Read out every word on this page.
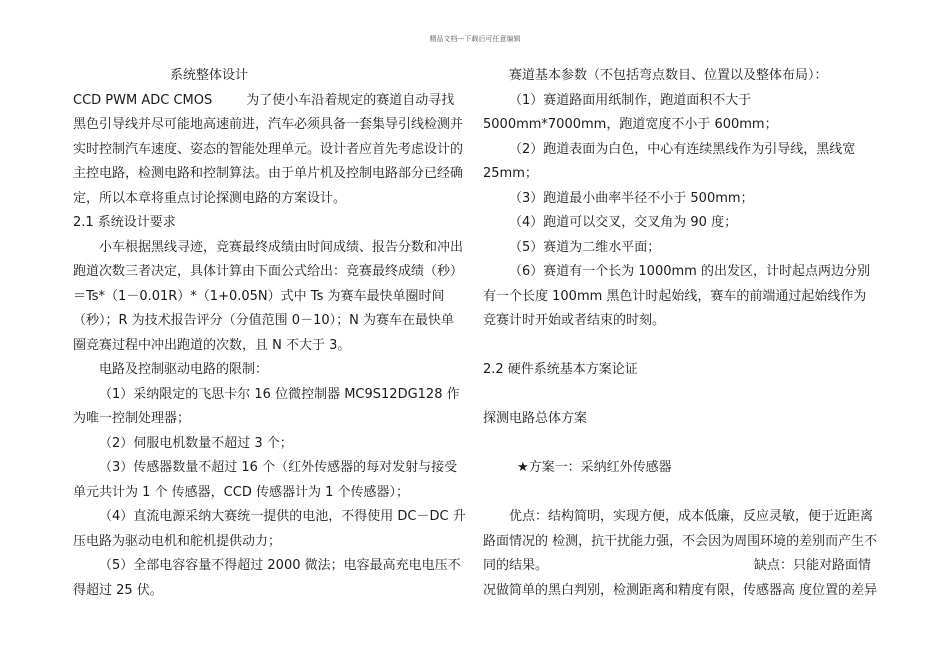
精品文档---下载后可任意编辑

系统整体设计

CCD PWM ADC CMOS	为了使小车沿着规定的赛道自动寻找黑色引导线并尽可能地高速前进，汽车必须具备一套集导引线检测并实时控制汽车速度、姿态的智能处理单元。设计者应首先考虑设计的主控电路，检测电路和控制算法。由于单片机及控制电路部分已经确定，所以本章将重点讨论探测电路的方案设计。

2.1 系统设计要求

小车根据黑线寻迹，竞赛最终成绩由时间成绩、报告分数和冲出跑道次数三者决定，具体计算由下面公式给出：竞赛最终成绩（秒）＝Ts*（1－0.01R）*（1+0.05N）式中 Ts 为赛车最快单圈时间（秒）；R 为技术报告评分（分值范围 0－10）；N 为赛车在最快单圈竞赛过程中冲出跑道的次数，且 N 不大于 3。

电路及控制驱动电路的限制：

（1）采纳限定的飞思卡尔 16 位微控制器 MC9S12DG128 作为唯一控制处理器；

（2）伺服电机数量不超过 3 个；

（3）传感器数量不超过 16 个（红外传感器的每对发射与接受单元共计为 1 个 传感器，CCD 传感器计为 1 个传感器）；

（4）直流电源采纳大赛统一提供的电池，不得使用 DC－DC 升压电路为驱动电机和舵机提供动力；

（5）全部电容容量不得超过 2000 微法；电容最高充电电压不得超过 25 伏。

赛道基本参数（不包括弯点数目、位置以及整体布局）：

（1）赛道路面用纸制作，跑道面积不大于 5000mm*7000mm，跑道宽度不小于 600mm；

（2）跑道表面为白色，中心有连续黑线作为引导线，黑线宽 25mm；

（3）跑道最小曲率半径不小于 500mm；

（4）跑道可以交叉，交叉角为 90 度；

（5）赛道为二维水平面；

（6）赛道有一个长为 1000mm 的出发区，计时起点两边分别有一个长度 100mm 黑色计时起始线，赛车的前端通过起始线作为竞赛计时开始或者结束的时刻。

2.2 硬件系统基本方案论证

探测电路总体方案

★方案一：采纳红外传感器

优点：结构简明，实现方便，成本低廉，反应灵敏，便于近距离路面情况的 检测，抗干扰能力强，不会因为周围环境的差别而产生不同的结果。	缺点：只能对路面情况做简单的黑白判别，检测距离和精度有限，传感器高 度位置的差异
